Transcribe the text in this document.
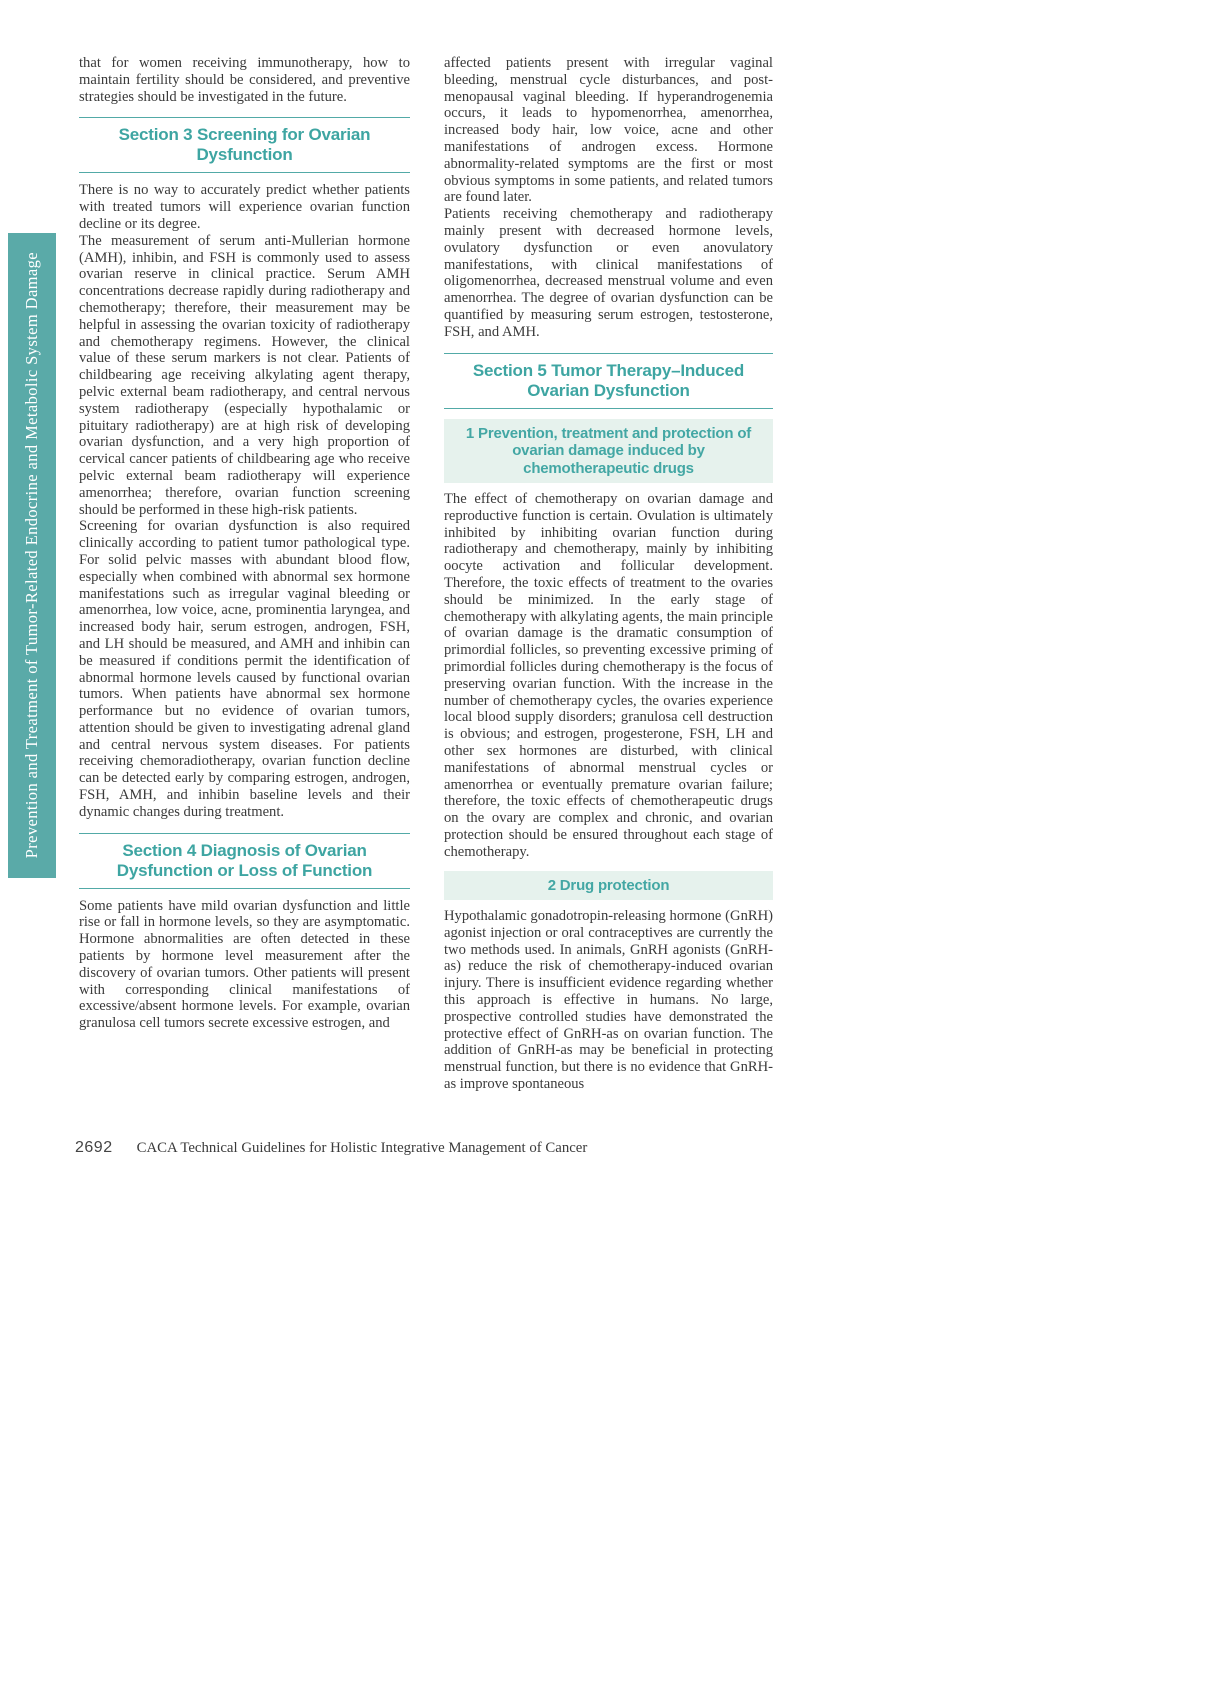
Prevention and Treatment of Tumor-Related Endocrine and Metabolic System Damage

that for women receiving immunotherapy, how to maintain fertility should be considered, and preventive strategies should be investigated in the future.

Section 3 Screening for Ovarian Dysfunction

There is no way to accurately predict whether patients with treated tumors will experience ovarian function decline or its degree.

The measurement of serum anti-Mullerian hormone (AMH), inhibin, and FSH is commonly used to assess ovarian reserve in clinical practice. Serum AMH concentrations decrease rapidly during radiotherapy and chemotherapy; therefore, their measurement may be helpful in assessing the ovarian toxicity of radiotherapy and chemotherapy regimens. However, the clinical value of these serum markers is not clear. Patients of childbearing age receiving alkylating agent therapy, pelvic external beam radiotherapy, and central nervous system radiotherapy (especially hypothalamic or pituitary radiotherapy) are at high risk of developing ovarian dysfunction, and a very high proportion of cervical cancer patients of childbearing age who receive pelvic external beam radiotherapy will experience amenorrhea; therefore, ovarian function screening should be performed in these high-risk patients.

Screening for ovarian dysfunction is also required clinically according to patient tumor pathological type. For solid pelvic masses with abundant blood flow, especially when combined with abnormal sex hormone manifestations such as irregular vaginal bleeding or amenorrhea, low voice, acne, prominentia laryngea, and increased body hair, serum estrogen, androgen, FSH, and LH should be measured, and AMH and inhibin can be measured if conditions permit the identification of abnormal hormone levels caused by functional ovarian tumors. When patients have abnormal sex hormone performance but no evidence of ovarian tumors, attention should be given to investigating adrenal gland and central nervous system diseases. For patients receiving chemoradiotherapy, ovarian function decline can be detected early by comparing estrogen, androgen, FSH, AMH, and inhibin baseline levels and their dynamic changes during treatment.

Section 4 Diagnosis of Ovarian Dysfunction or Loss of Function

Some patients have mild ovarian dysfunction and little rise or fall in hormone levels, so they are asymptomatic. Hormone abnormalities are often detected in these patients by hormone level measurement after the discovery of ovarian tumors. Other patients will present with corresponding clinical manifestations of excessive/absent hormone levels. For example, ovarian granulosa cell tumors secrete excessive estrogen, and

affected patients present with irregular vaginal bleeding, menstrual cycle disturbances, and post-menopausal vaginal bleeding. If hyperandrogenemia occurs, it leads to hypomenorrhea, amenorrhea, increased body hair, low voice, acne and other manifestations of androgen excess. Hormone abnormality-related symptoms are the first or most obvious symptoms in some patients, and related tumors are found later.

Patients receiving chemotherapy and radiotherapy mainly present with decreased hormone levels, ovulatory dysfunction or even anovulatory manifestations, with clinical manifestations of oligomenorrhea, decreased menstrual volume and even amenorrhea. The degree of ovarian dysfunction can be quantified by measuring serum estrogen, testosterone, FSH, and AMH.

Section 5 Tumor Therapy–Induced Ovarian Dysfunction
1 Prevention, treatment and protection of ovarian damage induced by chemotherapeutic drugs

The effect of chemotherapy on ovarian damage and reproductive function is certain. Ovulation is ultimately inhibited by inhibiting ovarian function during radiotherapy and chemotherapy, mainly by inhibiting oocyte activation and follicular development. Therefore, the toxic effects of treatment to the ovaries should be minimized. In the early stage of chemotherapy with alkylating agents, the main principle of ovarian damage is the dramatic consumption of primordial follicles, so preventing excessive priming of primordial follicles during chemotherapy is the focus of preserving ovarian function. With the increase in the number of chemotherapy cycles, the ovaries experience local blood supply disorders; granulosa cell destruction is obvious; and estrogen, progesterone, FSH, LH and other sex hormones are disturbed, with clinical manifestations of abnormal menstrual cycles or amenorrhea or eventually premature ovarian failure; therefore, the toxic effects of chemotherapeutic drugs on the ovary are complex and chronic, and ovarian protection should be ensured throughout each stage of chemotherapy.

2 Drug protection

Hypothalamic gonadotropin-releasing hormone (GnRH) agonist injection or oral contraceptives are currently the two methods used. In animals, GnRH agonists (GnRH-as) reduce the risk of chemotherapy-induced ovarian injury. There is insufficient evidence regarding whether this approach is effective in humans. No large, prospective controlled studies have demonstrated the protective effect of GnRH-as on ovarian function. The addition of GnRH-as may be beneficial in protecting menstrual function, but there is no evidence that GnRH-as improve spontaneous

2692 CACA Technical Guidelines for Holistic Integrative Management of Cancer
